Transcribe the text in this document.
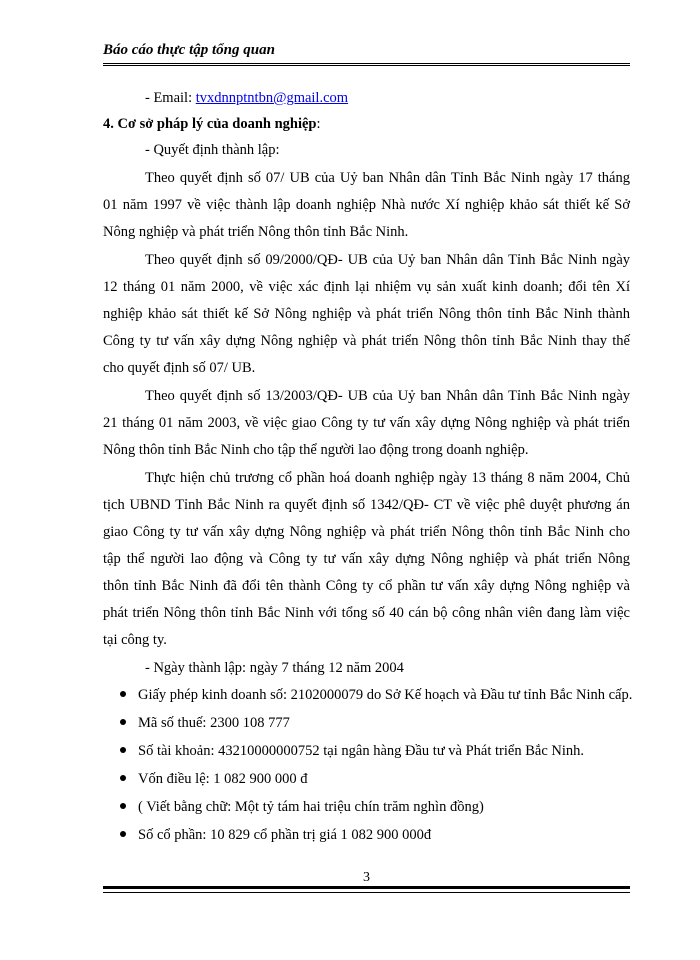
Báo cáo thực tập tổng quan
- Email: tvxdnnptntbn@gmail.com
4. Cơ sở pháp lý của doanh nghiệp:
- Quyết định thành lập:
Theo quyết định số 07/ UB của Uỷ ban Nhân dân Tỉnh Bắc Ninh ngày 17 tháng
01 năm 1997 về việc thành lập doanh nghiệp Nhà nước Xí nghiệp khảo sát thiết kế Sở
Nông nghiệp và phát triển Nông thôn tỉnh Bắc Ninh.
Theo quyết định số 09/2000/QĐ- UB của Uỷ ban Nhân dân Tỉnh Bắc Ninh ngày
12 tháng 01 năm 2000, về việc xác định lại nhiệm vụ sản xuất kinh doanh; đổi tên Xí
nghiệp khảo sát thiết kế Sở Nông nghiệp và phát triển Nông thôn tỉnh Bắc Ninh thành
Công ty tư vấn xây dựng Nông nghiệp và phát triển Nông thôn tỉnh Bắc Ninh thay thế
cho quyết định số 07/ UB.
Theo quyết định số 13/2003/QĐ- UB của Uỷ ban Nhân dân Tỉnh Bắc Ninh ngày
21 tháng 01 năm 2003, về việc giao Công ty tư vấn xây dựng Nông nghiệp và phát triển
Nông thôn tỉnh Bắc Ninh cho tập thể người lao động trong doanh nghiệp.
Thực hiện chủ trương cổ phần hoá doanh nghiệp ngày 13 tháng 8 năm 2004, Chủ
tịch UBND Tỉnh Bắc Ninh ra quyết định số 1342/QĐ- CT về việc phê duyệt phương án
giao Công ty tư vấn xây dựng Nông nghiệp và phát triển Nông thôn tỉnh Bắc Ninh cho
tập thể người lao động và Công ty tư vấn xây dựng Nông nghiệp và phát triển Nông
thôn tỉnh Bắc Ninh đã đổi tên thành Công ty cổ phần tư vấn xây dựng Nông nghiệp và
phát triển Nông thôn tỉnh Bắc Ninh với tổng số 40 cán bộ công nhân viên đang làm việc
tại công ty.
- Ngày thành lập: ngày 7 tháng 12 năm 2004
Giấy phép kinh doanh số: 2102000079 do Sở Kế hoạch và Đầu tư tỉnh Bắc Ninh cấp.
Mã số thuế: 2300 108 777
Số tài khoản: 43210000000752 tại ngân hàng Đầu tư và Phát triển Bắc Ninh.
Vốn điều lệ: 1 082 900 000 đ
( Viết bằng chữ: Một tỷ tám hai triệu chín trăm nghìn đồng)
Số cổ phần: 10 829 cổ phần trị giá 1 082 900 000đ
3
